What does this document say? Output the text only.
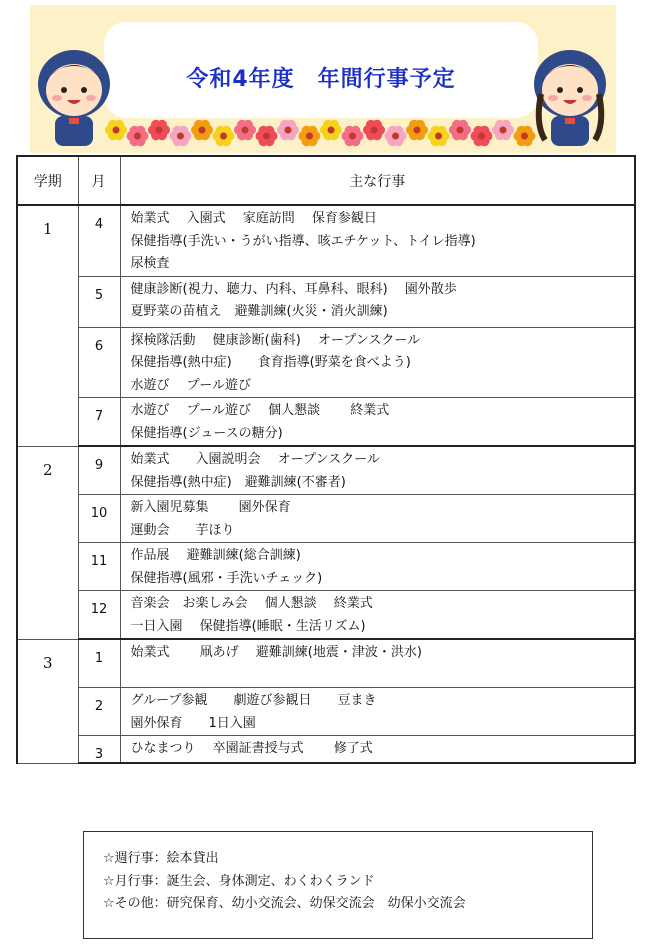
令和4年度　年間行事予定
学期	月	主な行事
1	4	始業式　 入園式　 家庭訪問　 保育参観日
保健指導(手洗い・うがい指導、咳エチケット、トイレ指導)
尿検査

	5	健康診断(視力、聴力、内科、耳鼻科、眼科)　 園外散歩
夏野菜の苗植え　避難訓練(火災・消火訓練)

	6	探検隊活動　 健康診断(歯科)　 オープンスクール
保健指導(熱中症)　　食育指導(野菜を食べよう)
水遊び　 プール遊び

	7	水遊び　 プール遊び　 個人懇談　　 終業式
保健指導(ジュースの糖分)

2	9	始業式　　入園説明会　 オープンスクール
保健指導(熱中症)　避難訓練(不審者)

	10	新入園児募集　　 園外保育
運動会　　芋ほり

	11	作品展　 避難訓練(総合訓練)
保健指導(風邪・手洗いチェック)

	12	音楽会　お楽しみ会　 個人懇談　 終業式
一日入園　 保健指導(睡眠・生活リズム)

3	1	始業式　　 凧あげ　 避難訓練(地震・津波・洪水)

	2	グループ参観　　劇遊び参観日　　豆まき
園外保育　　1日入園

	3	ひなまつり　 卒園証書授与式　　 修了式
☆週行事：絵本貸出
☆月行事：誕生会、身体測定、わくわくランド
☆その他：研究保育、幼小交流会、幼保交流会　幼保小交流会
